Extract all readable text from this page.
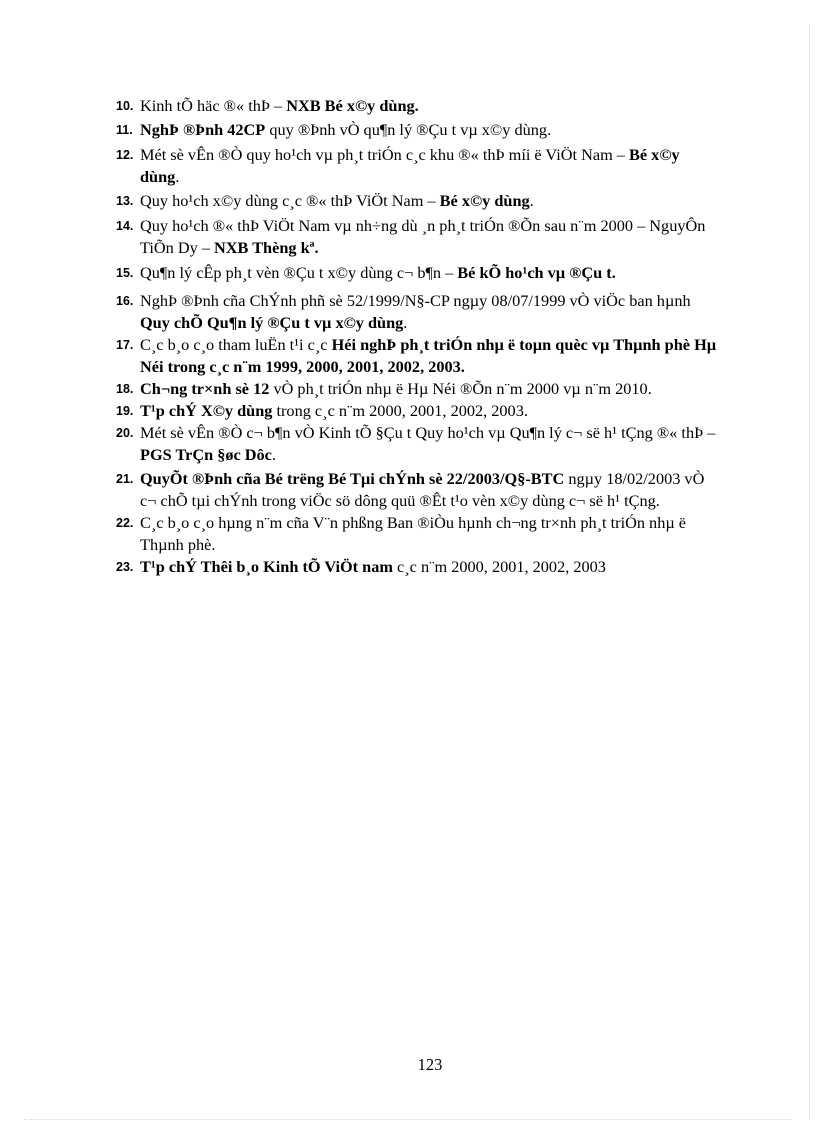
10. Kinh tÕ häc ®« thÞ – NXB Bé x©y dùng.
11. NghÞ ®Þnh 42CP quy ®Þnh vÒ qu¶n lý ®Çu t vµ x©y dùng.
12. Mét sè vÊn ®Ò quy ho¹ch vµ ph¸t triÓn c¸c khu ®« thÞ míi ë ViÖt Nam – Bé x©y dùng.
13. Quy ho¹ch x©y dùng c¸c ®« thÞ ViÖt Nam – Bé x©y dùng.
14. Quy ho¹ch ®« thÞ ViÖt Nam vµ nh÷ng dù ¸n ph¸t triÓn ®Õn sau n¨m 2000 – NguyÔn TiÕn Dy – NXB Thèng kª.
15. Qu¶n lý cÊp ph¸t vèn ®Çu t x©y dùng c¬ b¶n – Bé kÕ ho¹ch vµ ®Çu t.
16. NghÞ ®Þnh cña ChÝnh phñ sè 52/1999/N§-CP ngµy 08/07/1999 vÒ viÖc ban hµnh Quy chÕ Qu¶n lý ®Çu t vµ x©y dùng.
17. C¸c b¸o c¸o tham luËn t¹i c¸c Héi nghÞ ph¸t triÓn nhµ ë toµn quèc vµ Thµnh phè Hµ Néi trong c¸c n¨m 1999, 2000, 2001, 2002, 2003.
18. Ch¬ng tr×nh sè 12 vÒ ph¸t triÓn nhµ ë Hµ Néi ®Õn n¨m 2000 vµ n¨m 2010.
19. T¹p chÝ X©y dùng trong c¸c n¨m 2000, 2001, 2002, 2003.
20. Mét sè vÊn ®Ò c¬ b¶n vÒ Kinh tÕ §Çu t Quy ho¹ch vµ Qu¶n lý c¬ së h¹ tÇng ®« thÞ – PGS TrÇn §øc Dôc.
21. QuyÕt ®Þnh cña Bé trëng Bé Tµi chÝnh sè 22/2003/Q§-BTC ngµy 18/02/2003 vÒ c¬ chÕ tµi chÝnh trong viÖc sö dông quü ®Êt t¹o vèn x©y dùng c¬ së h¹ tÇng.
22. C¸c b¸o c¸o hµng n¨m cña V¨n phßng Ban ®iÒu hµnh ch¬ng tr×nh ph¸t triÓn nhµ ë Thµnh phè.
23. T¹p chÝ Thêi b¸o Kinh tÕ ViÖt nam c¸c n¨m 2000, 2001, 2002, 2003
123
